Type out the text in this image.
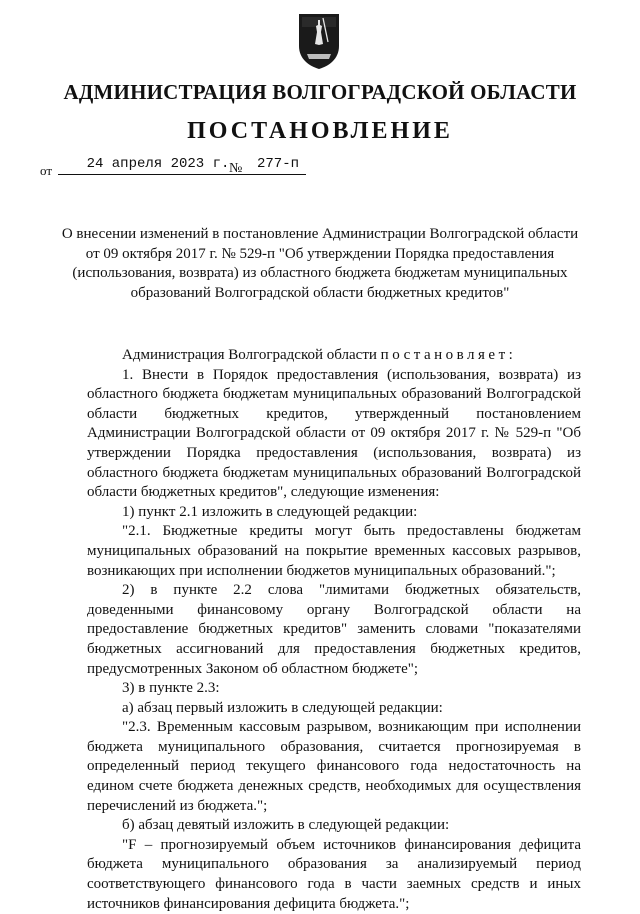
АДМИНИСТРАЦИЯ ВОЛГОГРАДСКОЙ ОБЛАСТИ
ПОСТАНОВЛЕНИЕ
от	24 апреля 2023 г. №	277-п
О внесении изменений в постановление Администрации Волгоградской области от 09 октября 2017 г. № 529-п "Об утверждении Порядка предоставления (использования, возврата) из областного бюджета бюджетам муниципальных образований Волгоградской области бюджетных кредитов"

Администрация Волгоградской области постановляет:

1. Внести в Порядок предоставления (использования, возврата) из областного бюджета бюджетам муниципальных образований Волгоградской области бюджетных кредитов, утвержденный постановлением Администрации Волгоградской области от 09 октября 2017 г. № 529-п "Об утверждении Порядка предоставления (использования, возврата) из областного бюджета бюджетам муниципальных образований Волгоградской области бюджетных кредитов", следующие изменения:

1) пункт 2.1 изложить в следующей редакции:

"2.1. Бюджетные кредиты могут быть предоставлены бюджетам муниципальных образований на покрытие временных кассовых разрывов, возникающих при исполнении бюджетов муниципальных образований.";

2) в пункте 2.2 слова "лимитами бюджетных обязательств, доведенными финансовому органу Волгоградской области на предоставление бюджетных кредитов" заменить словами "показателями бюджетных ассигнований для предоставления бюджетных кредитов, предусмотренных Законом об областном бюджете";

3) в пункте 2.3:

а) абзац первый изложить в следующей редакции:

"2.3. Временным кассовым разрывом, возникающим при исполнении бюджета муниципального образования, считается прогнозируемая в определенный период текущего финансового года недостаточность на едином счете бюджета денежных средств, необходимых для осуществления перечислений из бюджета.";

б) абзац девятый изложить в следующей редакции:

"F – прогнозируемый объем источников финансирования дефицита бюджета муниципального образования за анализируемый период соответствующего финансового года в части заемных средств и иных источников финансирования дефицита бюджета.";
